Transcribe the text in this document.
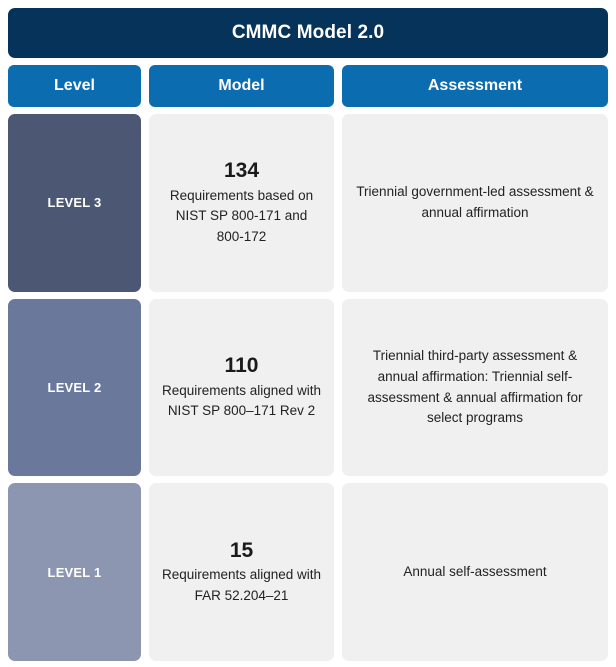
CMMC Model 2.0
Level	Model	Assessment
LEVEL 3
134
Requirements based on NIST SP 800-171 and 800-172
Triennial government-led assessment & annual affirmation
LEVEL 2
110
Requirements aligned with NIST SP 800–171 Rev 2
Triennial third-party assessment & annual affirmation: Triennial self-assessment & annual affirmation for select programs
LEVEL 1
15
Requirements aligned with FAR 52.204–21
Annual self-assessment
